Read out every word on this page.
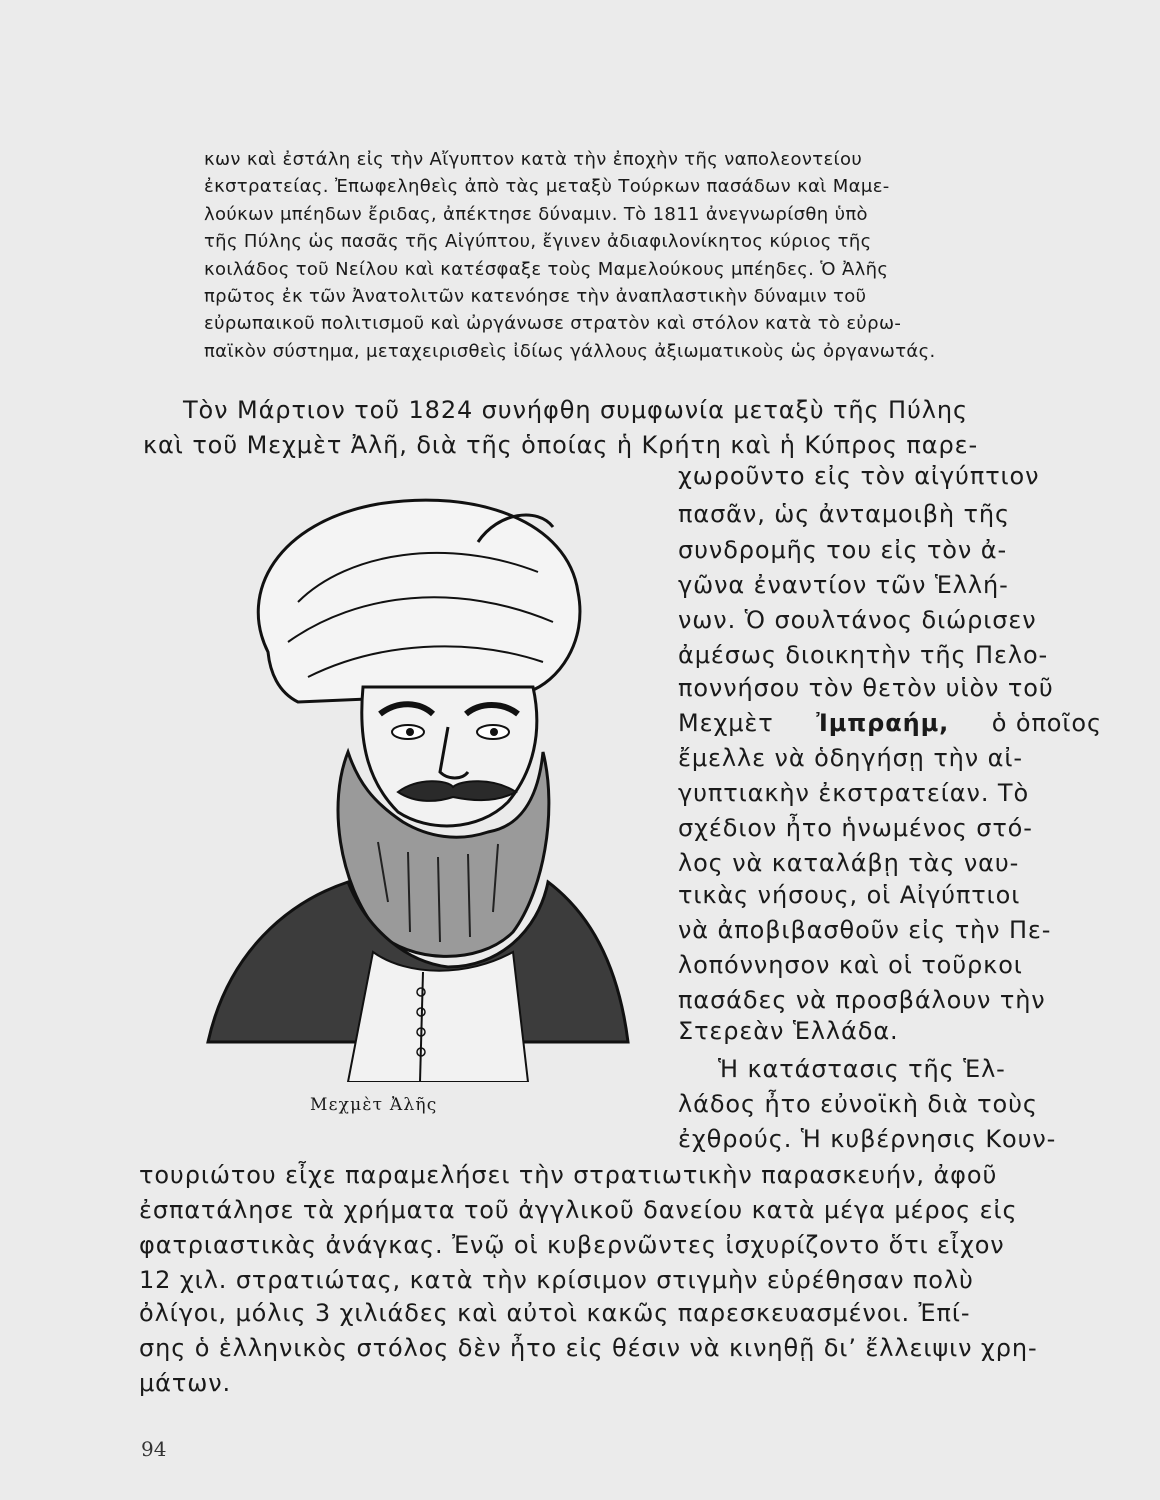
κων καὶ ἐστάλη εἰς τὴν Αἴγυπτον κατὰ τὴν ἐποχὴν τῆς ναπολεοντείου
ἐκστρατείας. Ἐπωφεληθεὶς ἀπὸ τὰς μεταξὺ Τούρκων πασάδων καὶ Μαμε-
λούκων μπέηδων ἔριδας, ἀπέκτησε δύναμιν. Τὸ 1811 ἀνεγνωρίσθη ὑπὸ
τῆς Πύλης ὡς πασᾶς τῆς Αἰγύπτου, ἔγινεν ἀδιαφιλονίκητος κύριος τῆς
κοιλάδος τοῦ Νείλου καὶ κατέσφαξε τοὺς Μαμελούκους μπέηδες. Ὁ Ἀλῆς
πρῶτος ἐκ τῶν Ἀνατολιτῶν κατενόησε τὴν ἀναπλαστικὴν δύναμιν τοῦ
εὐρωπαικοῦ πολιτισμοῦ καὶ ὠργάνωσε στρατὸν καὶ στόλον κατὰ τὸ εὐρω-
παϊκὸν σύστημα, μεταχειρισθεὶς ἰδίως γάλλους ἀξιωματικοὺς ὡς ὀργανωτάς.
Τὸν Μάρτιον τοῦ 1824 συνήφθη συμφωνία μεταξὺ τῆς Πύλης
καὶ τοῦ Μεχμὲτ Ἀλῆ, διὰ τῆς ὁποίας ἡ Κρήτη καὶ ἡ Κύπρος παρε-
χωροῦντο εἰς τὸν αἰγύπτιον
πασᾶν, ὡς ἀνταμοιβὴ τῆς
συνδρομῆς του εἰς τὸν ἀ-
γῶνα ἐναντίον τῶν Ἑλλή-
νων. Ὁ σουλτάνος διώρισεν
ἀμέσως διοικητὴν τῆς Πελο-
ποννήσου τὸν θετὸν υἱὸν τοῦ
Μεχμὲτ Ἰμπραήμ, ὁ ὁποῖος
ἔμελλε νὰ ὁδηγήσῃ τὴν αἰ-
γυπτιακὴν ἐκστρατείαν. Τὸ
σχέδιον ἦτο ἡνωμένος στό-
λος νὰ καταλάβῃ τὰς ναυ-
τικὰς νήσους, οἱ Αἰγύπτιοι
νὰ ἀποβιβασθοῦν εἰς τὴν Πε-
λοπόννησον καὶ οἱ τοῦρκοι
πασάδες νὰ προσβάλουν τὴν
Στερεὰν Ἑλλάδα.
Ἡ κατάστασις τῆς Ἑλ-
λάδος ἦτο εὐνοϊκὴ διὰ τοὺς
ἐχθρούς. Ἡ κυβέρνησις Κουν-
τουριώτου εἶχε παραμελήσει τὴν στρατιωτικὴν παρασκευήν, ἀφοῦ
ἐσπατάλησε τὰ χρήματα τοῦ ἀγγλικοῦ δανείου κατὰ μέγα μέρος εἰς
φατριαστικὰς ἀνάγκας. Ἐνῷ οἱ κυβερνῶντες ἰσχυρίζοντο ὅτι εἶχον
12 χιλ. στρατιώτας, κατὰ τὴν κρίσιμον στιγμὴν εὑρέθησαν πολὺ
ὀλίγοι, μόλις 3 χιλιάδες καὶ αὐτοὶ κακῶς παρεσκευασμένοι. Ἐπί-
σης ὁ ἑλληνικὸς στόλος δὲν ἦτο εἰς θέσιν νὰ κινηθῇ δι’ ἔλλειψιν χρη-
μάτων.
Μεχμὲτ Ἀλῆς
94
